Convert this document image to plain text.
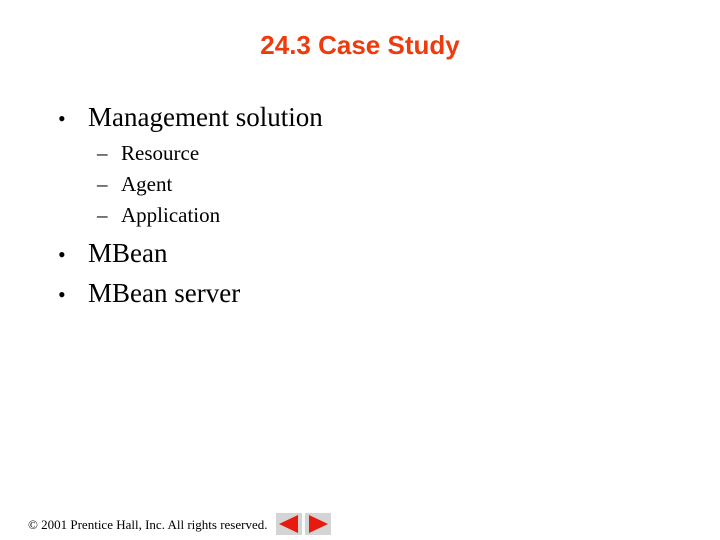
24.3 Case Study
• Management solution
– Resource
– Agent
– Application
• MBean
• MBean server
© 2001 Prentice Hall, Inc. All rights reserved.
